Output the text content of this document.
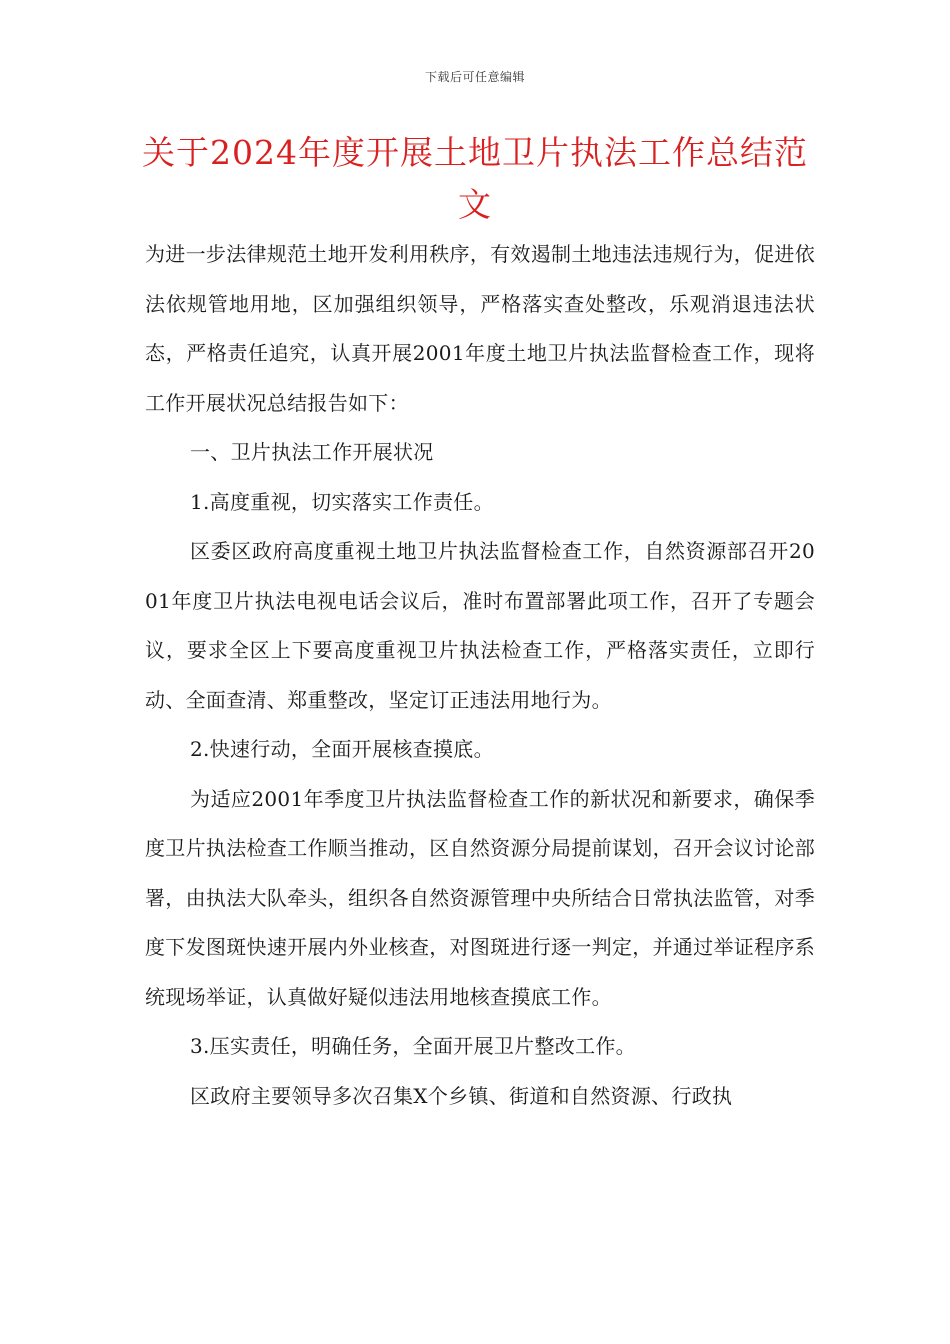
下载后可任意编辑
关于2024年度开展土地卫片执法工作总结范文

为进一步法律规范土地开发利用秩序，有效遏制土地违法违规行为，促进依法依规管地用地，区加强组织领导，严格落实查处整改，乐观消退违法状态，严格责任追究，认真开展2001年度土地卫片执法监督检查工作，现将工作开展状况总结报告如下：

一、卫片执法工作开展状况

1.高度重视，切实落实工作责任。

区委区政府高度重视土地卫片执法监督检查工作，自然资源部召开2001年度卫片执法电视电话会议后，准时布置部署此项工作，召开了专题会议，要求全区上下要高度重视卫片执法检查工作，严格落实责任，立即行动、全面查清、郑重整改，坚定订正违法用地行为。

2.快速行动，全面开展核查摸底。

为适应2001年季度卫片执法监督检查工作的新状况和新要求，确保季度卫片执法检查工作顺当推动，区自然资源分局提前谋划，召开会议讨论部署，由执法大队牵头，组织各自然资源管理中央所结合日常执法监管，对季度下发图斑快速开展内外业核查，对图斑进行逐一判定，并通过举证程序系统现场举证，认真做好疑似违法用地核查摸底工作。

3.压实责任，明确任务，全面开展卫片整改工作。

区政府主要领导多次召集X个乡镇、街道和自然资源、行政执
